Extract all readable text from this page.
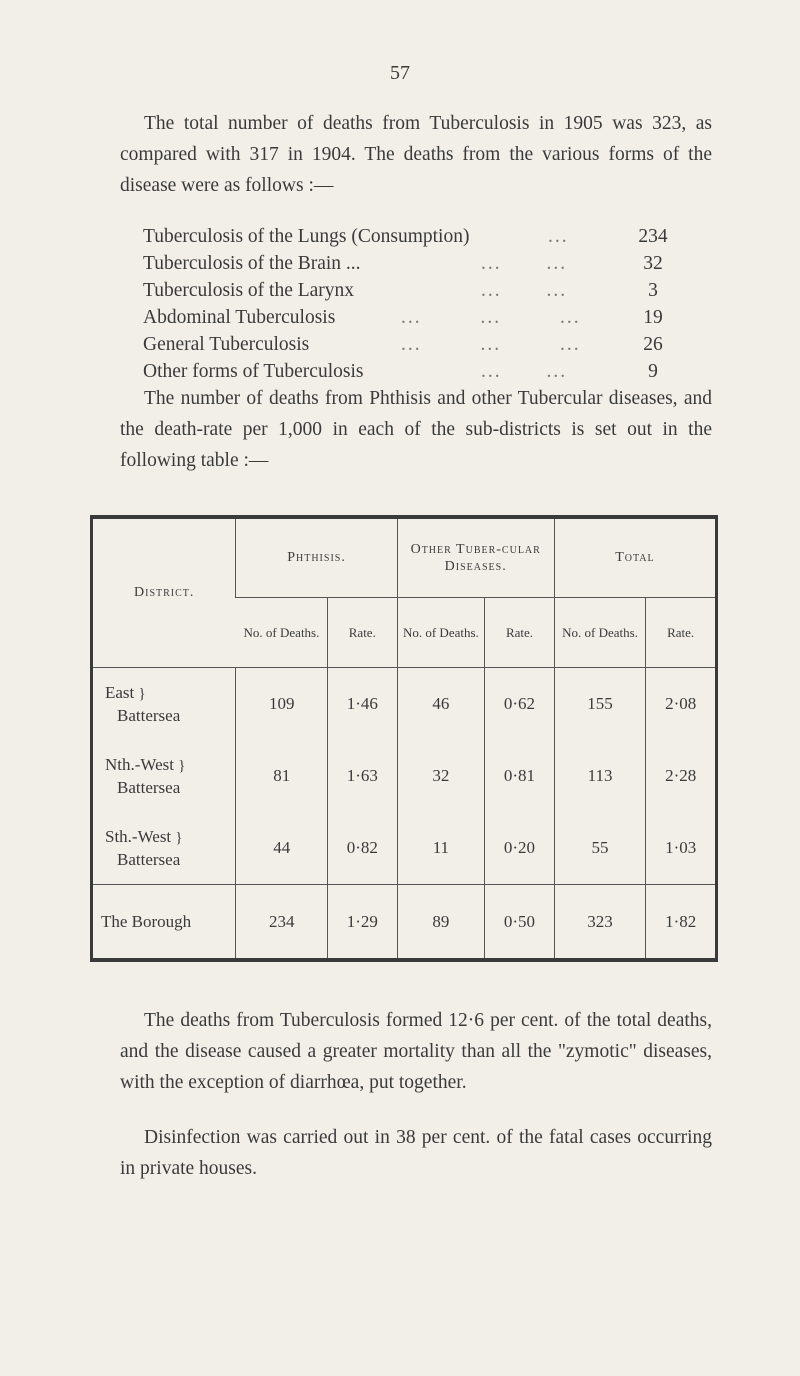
57
The total number of deaths from Tuberculosis in 1905 was 323, as compared with 317 in 1904. The deaths from the various forms of the disease were as follows :—
Tuberculosis of the Lungs (Consumption)	...	234
Tuberculosis of the Brain ...	... ...	32
Tuberculosis of the Larynx	... ...	3
Abdominal Tuberculosis	... ... ...	19
General Tuberculosis	... ... ...	26
Other forms of Tuberculosis	... ...	9
The number of deaths from Phthisis and other Tubercular diseases, and the death-rate per 1,000 in each of the sub-districts is set out in the following table :—
District.	Phthisis.		Other Tuber-cular Diseases.		Total	
	No. of Deaths.	Rate.	No. of Deaths.	Rate.	No. of Deaths.	Rate.
East }
Battersea	109	1·46	46	0·62	155	2·08
Nth.-West }
Battersea	81	1·63	32	0·81	113	2·28
Sth.-West }
Battersea	44	0·82	11	0·20	55	1·03
The Borough	234	1·29	89	0·50	323	1·82
The deaths from Tuberculosis formed 12·6 per cent. of the total deaths, and the disease caused a greater mortality than all the "zymotic" diseases, with the exception of diarrhœa, put together.
Disinfection was carried out in 38 per cent. of the fatal cases occurring in private houses.
